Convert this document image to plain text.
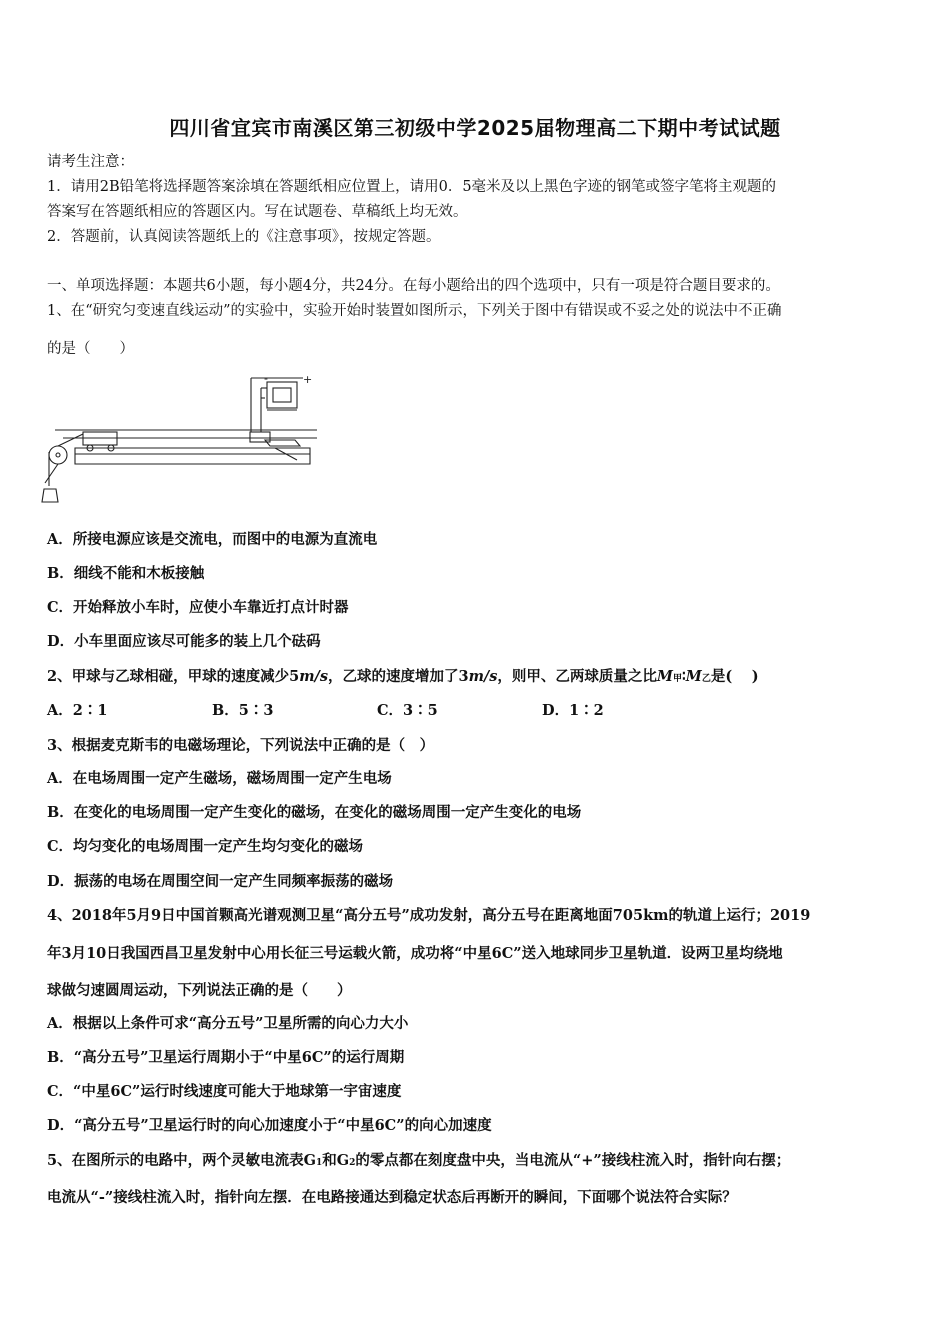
四川省宜宾市南溪区第三初级中学2025届物理高二下期中考试试题
请考生注意：
1．请用2B铅笔将选择题答案涂填在答题纸相应位置上，请用0．5毫米及以上黑色字迹的钢笔或签字笔将主观题的
答案写在答题纸相应的答题区内。写在试题卷、草稿纸上均无效。
2．答题前，认真阅读答题纸上的《注意事项》，按规定答题。
一、单项选择题：本题共6小题，每小题4分，共24分。在每小题给出的四个选项中，只有一项是符合题目要求的。
1、在“研究匀变速直线运动”的实验中，实验开始时装置如图所示，下列关于图中有错误或不妥之处的说法中不正确
的是（　　）
+
-
A．所接电源应该是交流电，而图中的电源为直流电
B．细线不能和木板接触
C．开始释放小车时，应使小车靠近打点计时器
D．小车里面应该尽可能多的装上几个砝码
2、甲球与乙球相碰，甲球的速度减少5m/s，乙球的速度增加了3m/s，则甲、乙两球质量之比M甲∶M乙是(　 )
A．2∶1	B．5∶3	C．3∶5	D．1∶2
3、根据麦克斯韦的电磁场理论，下列说法中正确的是（　）
A．在电场周围一定产生磁场，磁场周围一定产生电场
B．在变化的电场周围一定产生变化的磁场，在变化的磁场周围一定产生变化的电场
C．均匀变化的电场周围一定产生均匀变化的磁场
D．振荡的电场在周围空间一定产生同频率振荡的磁场
4、2018年5月9日中国首颗高光谱观测卫星“高分五号”成功发射，高分五号在距离地面705km的轨道上运行；2019
年3月10日我国西昌卫星发射中心用长征三号运载火箭，成功将“中星6C”送入地球同步卫星轨道．设两卫星均绕地
球做匀速圆周运动，下列说法正确的是（　　）
A．根据以上条件可求“高分五号”卫星所需的向心力大小
B．“高分五号”卫星运行周期小于“中星6C”的运行周期
C．“中星6C”运行时线速度可能大于地球第一宇宙速度
D．“高分五号”卫星运行时的向心加速度小于“中星6C”的向心加速度
5、在图所示的电路中，两个灵敏电流表G1和G2的零点都在刻度盘中央，当电流从“+”接线柱流入时，指针向右摆；
电流从“-”接线柱流入时，指针向左摆．在电路接通达到稳定状态后再断开的瞬间，下面哪个说法符合实际？
